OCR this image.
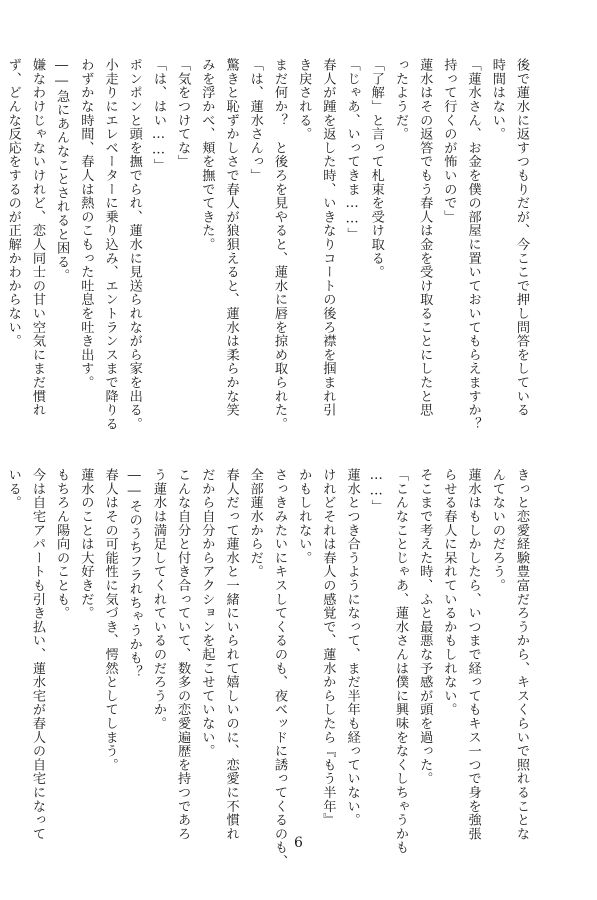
後で蓮水に返すつもりだが、今ここで押し問答をしている
時間はない。
「蓮水さん、お金を僕の部屋に置いておいてもらえますか？
持って行くのが怖いので」
蓮水はその返答でもう春人は金を受け取ることにしたと思
ったようだ。
「了解」と言って札束を受け取る。
「じゃあ、いってきま……」
春人が踵を返した時、いきなりコートの後ろ襟を掴まれ引
き戻される。
まだ何か？　と後ろを見やると、蓮水に唇を掠め取られた。
「は、蓮水さんっ」
驚きと恥ずかしさで春人が狼狽えると、蓮水は柔らかな笑
みを浮かべ、頬を撫でてきた。
「気をつけてな」
「は、はい……」
ポンポンと頭を撫でられ、蓮水に見送られながら家を出る。
小走りにエレベーターに乗り込み、エントランスまで降りる
わずかな時間、春人は熱のこもった吐息を吐き出す。
――急にあんなことされると困る。
嫌なわけじゃないけれど、恋人同士の甘い空気にまだ慣れ
ず、どんな反応をするのが正解かわからない。
きっと恋愛経験豊富だろうから、キスくらいで照れることな
んてないのだろう。
蓮水はもしかしたら、いつまで経ってもキス一つで身を強張
らせる春人に呆れているかもしれない。
そこまで考えた時、ふと最悪な予感が頭を過った。
「こんなことじゃあ、蓮水さんは僕に興味をなくしちゃうかも
……」
蓮水とつき合うようになって、まだ半年も経っていない。
けれどそれは春人の感覚で、蓮水からしたら『もう半年』
かもしれない。
さっきみたいにキスしてくるのも、夜ベッドに誘ってくるのも、
全部蓮水からだ。
春人だって蓮水と一緒にいられて嬉しいのに、恋愛に不慣れ
だから自分からアクションを起こせていない。
こんな自分と付き合っていて、数多の恋愛遍歴を持つであろ
う蓮水は満足してくれているのだろうか。
――そのうちフラれちゃうかも？
春人はその可能性に気づき、愕然としてしまう。
蓮水のことは大好きだ。
もちろん陽向のことも。
今は自宅アパートも引き払い、蓮水宅が春人の自宅になって
いる。
6
